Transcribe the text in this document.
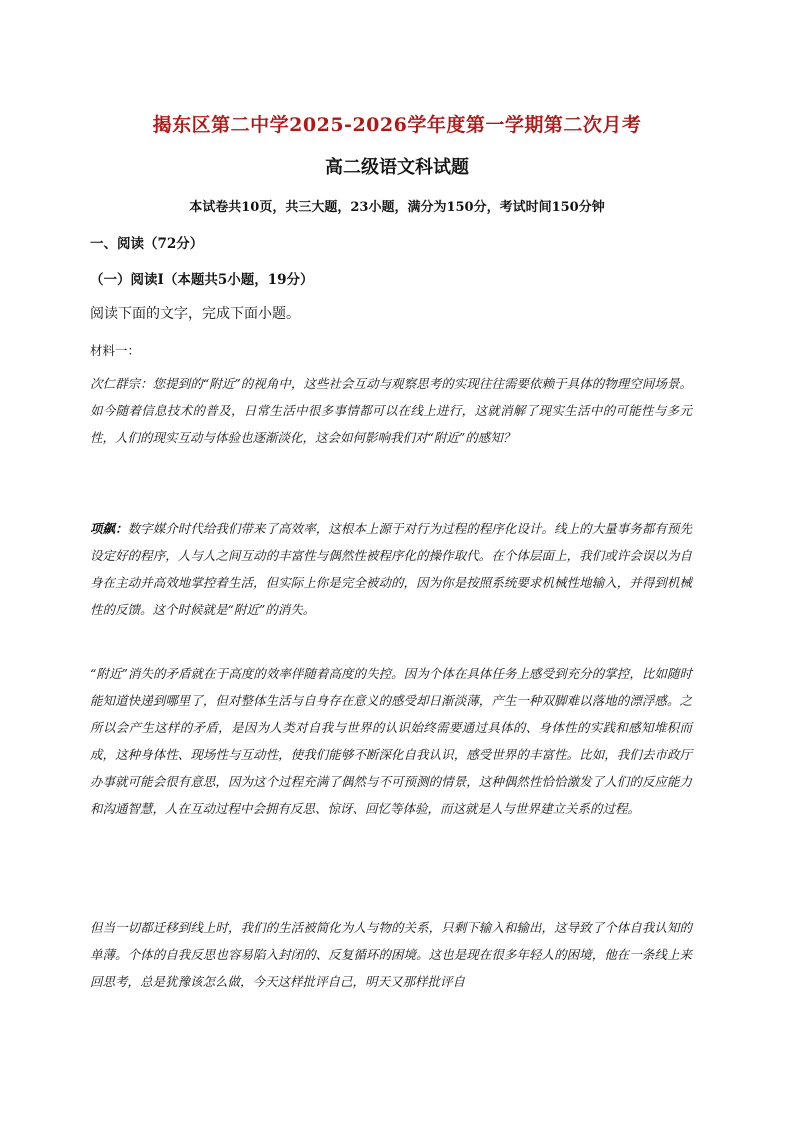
揭东区第二中学2025-2026学年度第一学期第二次月考
高二级语文科试题
本试卷共10页，共三大题，23小题，满分为150分，考试时间150分钟
一、阅读（72分）
（一）阅读Ⅰ（本题共5小题，19分）
阅读下面的文字，完成下面小题。
材料一：
次仁群宗：您提到的“附近”的视角中，这些社会互动与观察思考的实现往往需要依赖于具体的物理空间场景。如今随着信息技术的普及，日常生活中很多事情都可以在线上进行，这就消解了现实生活中的可能性与多元性，人们的现实互动与体验也逐渐淡化，这会如何影响我们对“附近”的感知？
项飙：数字媒介时代给我们带来了高效率，这根本上源于对行为过程的程序化设计。线上的大量事务都有预先设定好的程序，人与人之间互动的丰富性与偶然性被程序化的操作取代。在个体层面上，我们或许会误以为自身在主动并高效地掌控着生活，但实际上你是完全被动的，因为你是按照系统要求机械性地输入，并得到机械性的反馈。这个时候就是“附近”的消失。
“附近”消失的矛盾就在于高度的效率伴随着高度的失控。因为个体在具体任务上感受到充分的掌控，比如随时能知道快递到哪里了，但对整体生活与自身存在意义的感受却日渐淡薄，产生一种双脚难以落地的漂浮感。之所以会产生这样的矛盾，是因为人类对自我与世界的认识始终需要通过具体的、身体性的实践和感知堆积而成，这种身体性、现场性与互动性，使我们能够不断深化自我认识，感受世界的丰富性。比如，我们去市政厅办事就可能会很有意思，因为这个过程充满了偶然与不可预测的情景，这种偶然性恰恰激发了人们的反应能力和沟通智慧，人在互动过程中会拥有反思、惊讶、回忆等体验，而这就是人与世界建立关系的过程。
但当一切都迁移到线上时，我们的生活被简化为人与物的关系，只剩下输入和输出，这导致了个体自我认知的单薄。个体的自我反思也容易陷入封闭的、反复循环的困境。这也是现在很多年轻人的困境，他在一条线上来回思考，总是犹豫该怎么做，今天这样批评自己，明天又那样批评自
